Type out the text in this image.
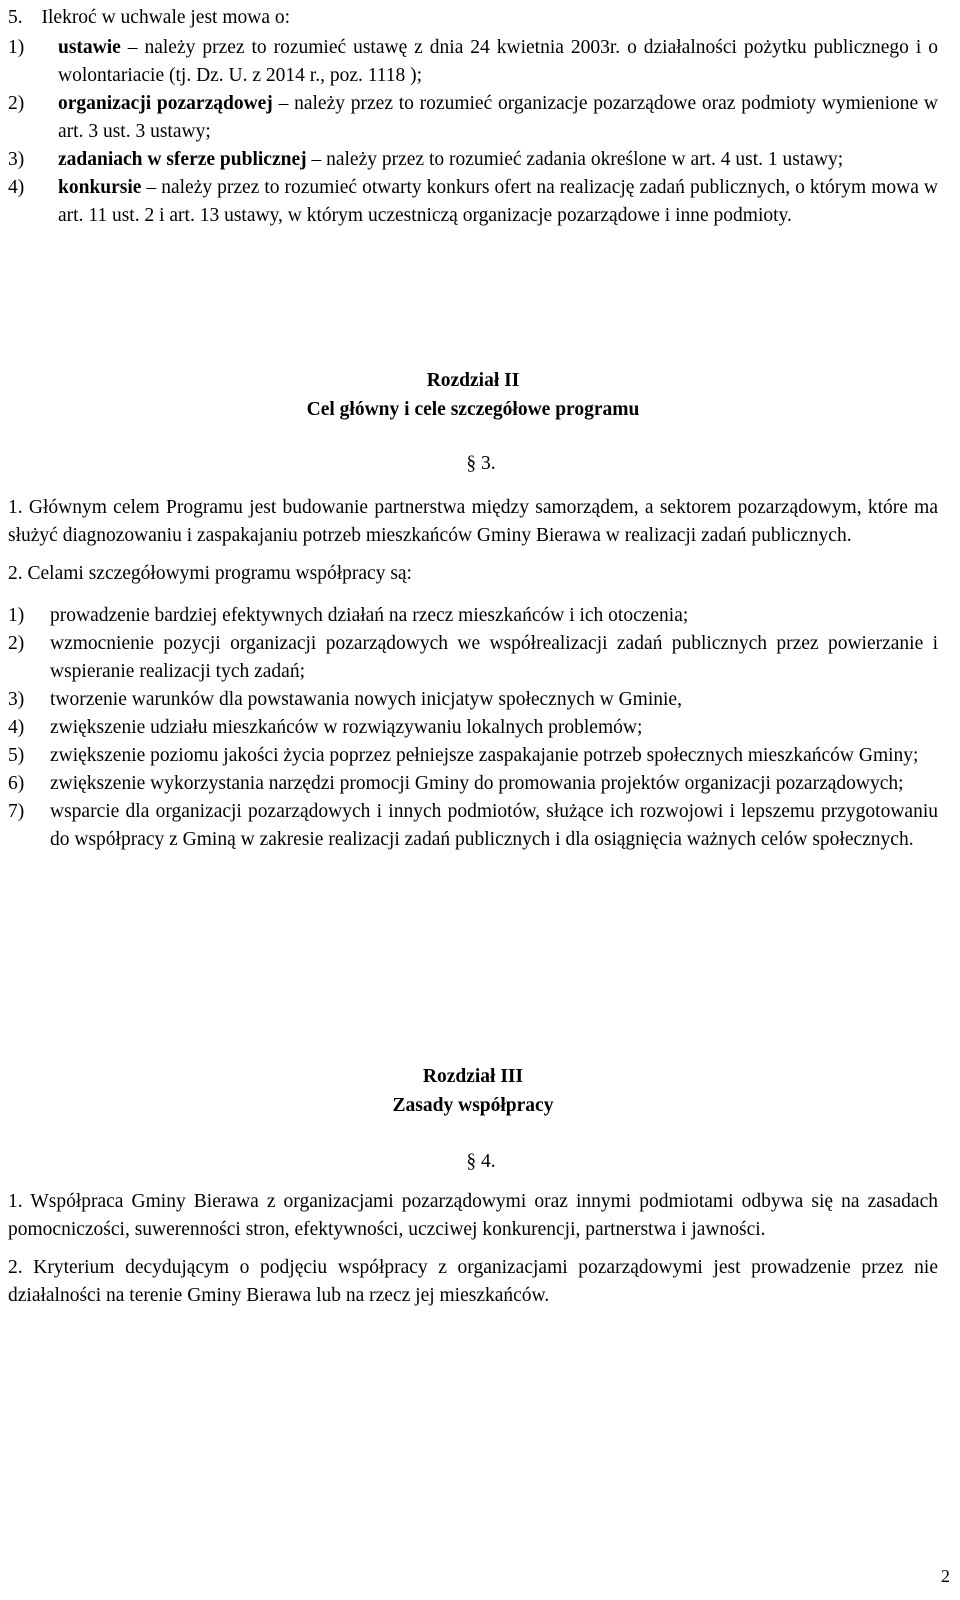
5. Ilekroć w uchwale jest mowa o:

1) ustawie – należy przez to rozumieć ustawę z dnia 24 kwietnia 2003r. o działalności pożytku publicznego i o wolontariacie (tj. Dz. U. z 2014 r., poz. 1118 );
2) organizacji pozarządowej – należy przez to rozumieć organizacje pozarządowe oraz podmioty wymienione w art. 3 ust. 3 ustawy;
3) zadaniach w sferze publicznej – należy przez to rozumieć zadania określone w art. 4 ust. 1 ustawy;
4) konkursie – należy przez to rozumieć otwarty konkurs ofert na realizację zadań publicznych, o którym mowa w art. 11 ust. 2 i art. 13 ustawy, w którym uczestniczą organizacje pozarządowe i inne podmioty.
Rozdział II
Cel główny i cele szczegółowe programu
§ 3.

1. Głównym celem Programu jest budowanie partnerstwa między samorządem, a sektorem pozarządowym, które ma służyć diagnozowaniu i zaspakajaniu potrzeb mieszkańców Gminy Bierawa w realizacji zadań publicznych.

2. Celami szczegółowymi programu współpracy są:

1) prowadzenie bardziej efektywnych działań na rzecz mieszkańców i ich otoczenia;
2) wzmocnienie pozycji organizacji pozarządowych we współrealizacji zadań publicznych przez powierzanie i wspieranie realizacji tych zadań;
3) tworzenie warunków dla powstawania nowych inicjatyw społecznych w Gminie,
4) zwiększenie udziału mieszkańców w rozwiązywaniu lokalnych problemów;
5) zwiększenie poziomu jakości życia poprzez pełniejsze zaspakajanie potrzeb społecznych mieszkańców Gminy;
6) zwiększenie wykorzystania narzędzi promocji Gminy do promowania projektów organizacji pozarządowych;
7) wsparcie dla organizacji pozarządowych i innych podmiotów, służące ich rozwojowi i lepszemu przygotowaniu do współpracy z Gminą w zakresie realizacji zadań publicznych i dla osiągnięcia ważnych celów społecznych.
Rozdział III
Zasady współpracy
§ 4.

1. Współpraca Gminy Bierawa z organizacjami pozarządowymi oraz innymi podmiotami odbywa się na zasadach pomocniczości, suwerenności stron, efektywności, uczciwej konkurencji, partnerstwa i jawności.

2. Kryterium decydującym o podjęciu współpracy z organizacjami pozarządowymi jest prowadzenie przez nie działalności na terenie Gminy Bierawa lub na rzecz jej mieszkańców.

2
